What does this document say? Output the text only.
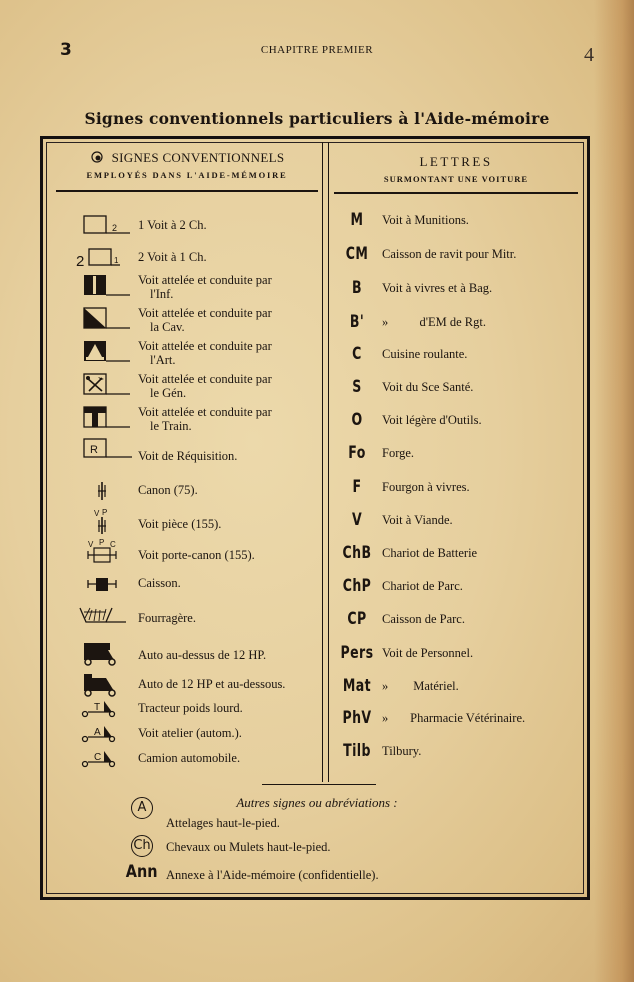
3	CHAPITRE PREMIER	4
Signes conventionnels particuliers à l'Aide-mémoire
SIGNES CONVENTIONNELS
EMPLOYÉS DANS L'AIDE-MÉMOIRE
LETTRES
SURMONTANT UNE VOITURE
2 1 Voit à 2 Ch.
2	1 2 Voit à 1 Ch.
Voit attelée et conduite par
l'Inf.
Voit attelée et conduite par
la Cav.
Voit attelée et conduite par
l'Art.
Voit attelée et conduite par
le Gén.
Voit attelée et conduite par
le Train.
R	Voit de Réquisition.
Canon (75).
V P
Voit pièce (155).
V P C
Voit porte-canon (155).
Caisson.
Fourragère.
Auto au-dessus de 12 HP.
Auto de 12 HP et au-dessous.
T	Tracteur poids lourd.
A	Voit atelier (autom.).
C	Camion automobile.
M	Voit à Munitions.
CM	Caisson de ravit pour Mitr.
B	Voit à vivres et à Bag.
B'	»          d'EM de Rgt.
C	Cuisine roulante.
S	Voit du Sce Santé.
O	Voit légère d'Outils.
Fo	Forge.
F	Fourgon à vivres.
V	Voit à Viande.
ChB Chariot de Batterie
ChP Chariot de Parc.
CP	Caisson de Parc.
Pers Voit de Personnel.
Mat »        Matériel.
PhV »       Pharmacie Vétérinaire.
Tilb Tilbury.
Autres signes ou abréviations :
A
Attelages haut-le-pied.
Ch	Chevaux ou Mulets haut-le-pied.
Ann Annexe à l'Aide-mémoire (confidentielle).
